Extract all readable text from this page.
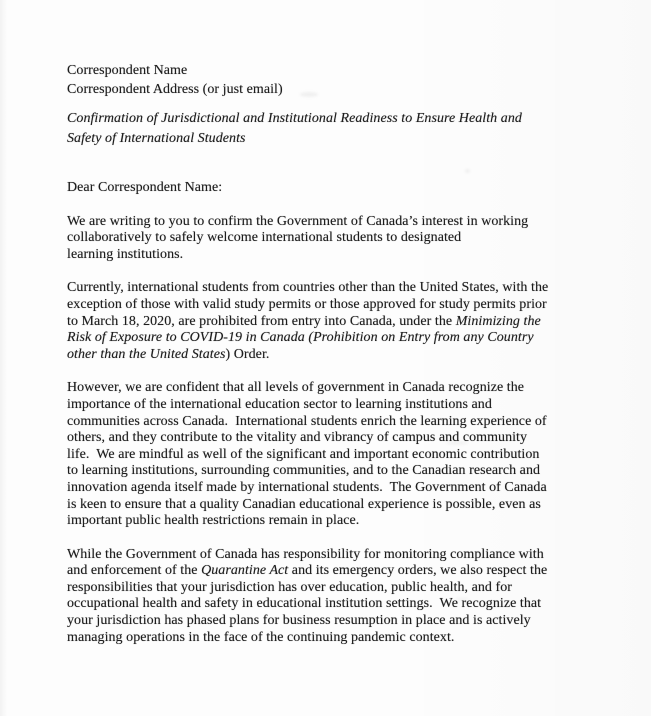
Correspondent Name
Correspondent Address (or just email)
Confirmation of Jurisdictional and Institutional Readiness to Ensure Health and
Safety of International Students
Dear Correspondent Name:
We are writing to you to confirm the Government of Canada’s interest in working
collaboratively to safely welcome international students to designated
learning institutions.
Currently, international students from countries other than the United States, with the
exception of those with valid study permits or those approved for study permits prior
to March 18, 2020, are prohibited from entry into Canada, under the Minimizing the
Risk of Exposure to COVID-19 in Canada (Prohibition on Entry from any Country
other than the United States) Order.
However, we are confident that all levels of government in Canada recognize the
importance of the international education sector to learning institutions and
communities across Canada.  International students enrich the learning experience of
others, and they contribute to the vitality and vibrancy of campus and community
life.  We are mindful as well of the significant and important economic contribution
to learning institutions, surrounding communities, and to the Canadian research and
innovation agenda itself made by international students.  The Government of Canada
is keen to ensure that a quality Canadian educational experience is possible, even as
important public health restrictions remain in place.
While the Government of Canada has responsibility for monitoring compliance with
and enforcement of the Quarantine Act and its emergency orders, we also respect the
responsibilities that your jurisdiction has over education, public health, and for
occupational health and safety in educational institution settings.  We recognize that
your jurisdiction has phased plans for business resumption in place and is actively
managing operations in the face of the continuing pandemic context.
